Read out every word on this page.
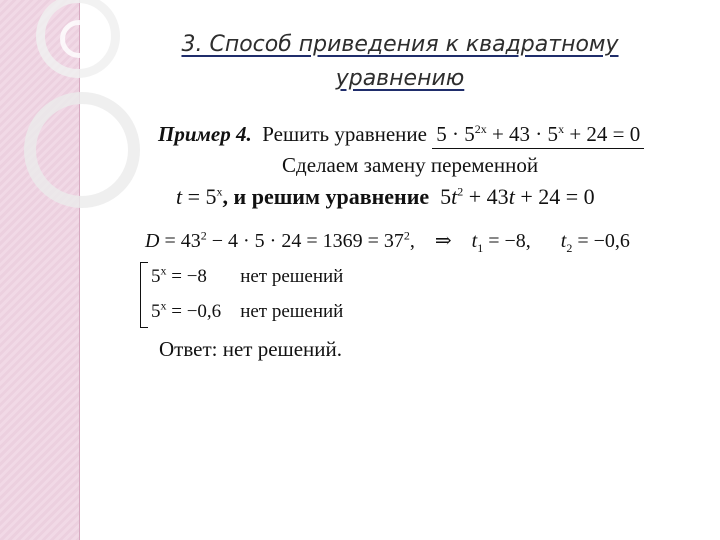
3. Способ приведения к квадратному
уравнению
Пример 4. Решить уравнение $5 \cdot 5^{2x} + 43 \cdot 5^x + 24 = 0$
Сделаем замену переменной
$t = 5^x$, и решим уравнение $5t^2 + 43t + 24 = 0$
$D = 43^2 - 4 \cdot 5 \cdot 24 = 1369 = 37^2$, ⇒ $t_1 = -8$, $t_2 = -0,6$
$5^x = -8$ нет решений
$5^x = -0,6$ нет решений
Ответ: нет решений.
